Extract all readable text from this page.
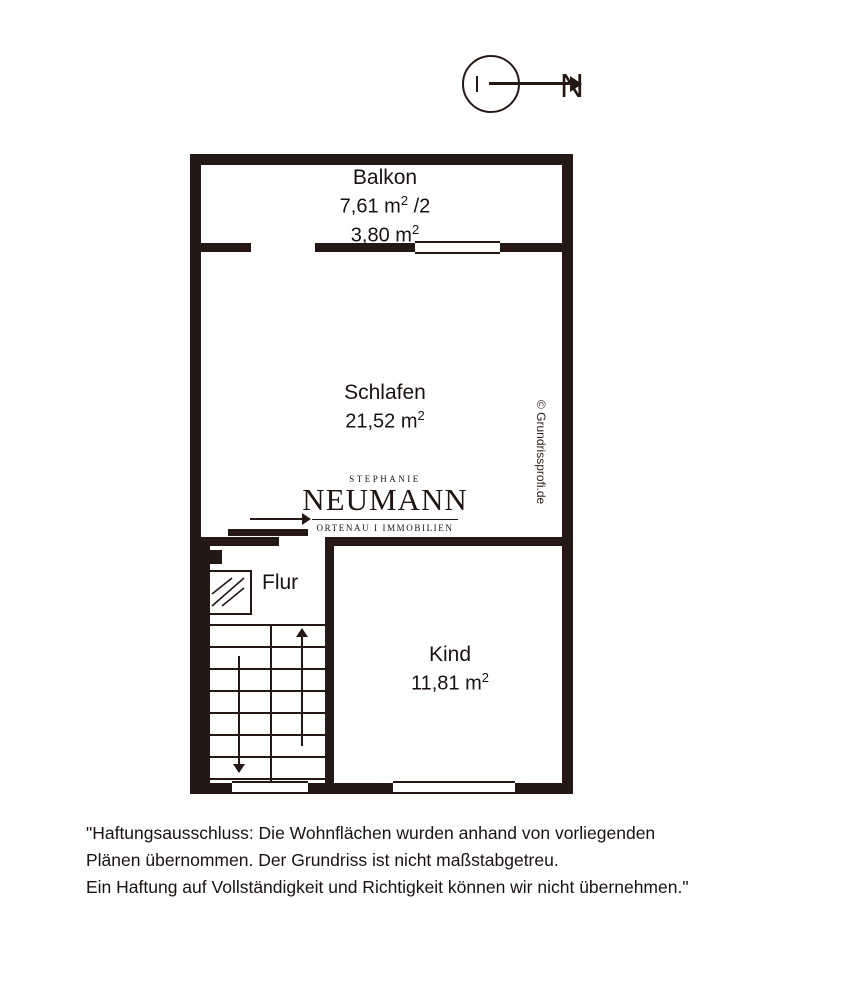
N
Balkon
7,61 $m^2$ /2
3,80 $m^2$
Schlafen
21,52 $m^2$
Flur
Kind
11,81 $m^2$
STEPHANIE
NEUMANN
ORTENAU I IMMOBILIEN
© Grundrissprofi.de
"Haftungsausschluss: Die Wohnflächen wurden anhand von vorliegenden
Plänen übernommen. Der Grundriss ist nicht maßstabgetreu.
Ein Haftung auf Vollständigkeit und Richtigkeit können wir nicht übernehmen."
